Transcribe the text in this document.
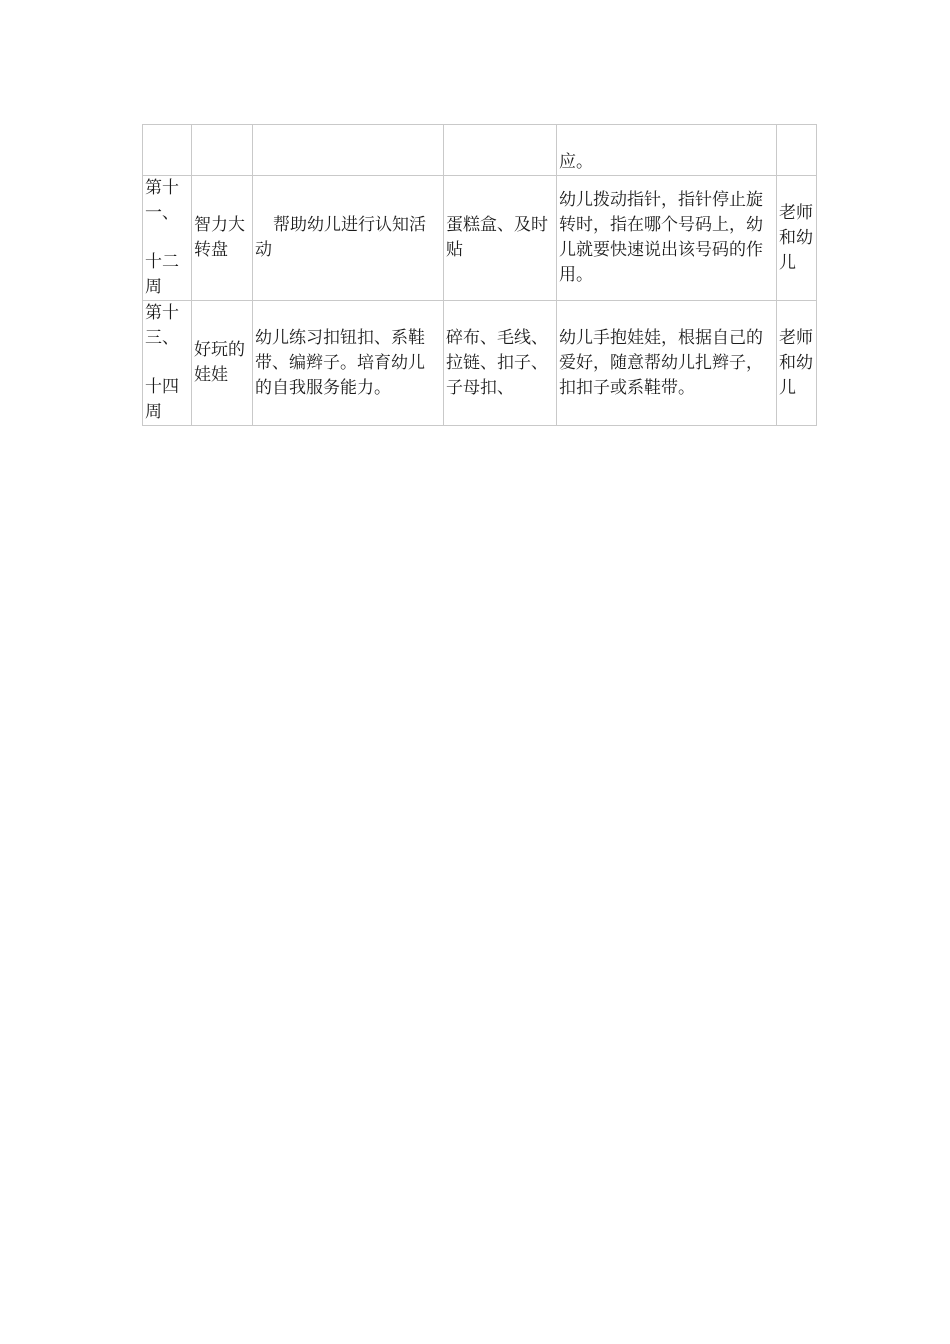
				应。	

第十一、
十二周	智力大转盘	帮助幼儿进行认知活动	蛋糕盒、及时贴	幼儿拨动指针，指针停止旋转时，指在哪个号码上，幼儿就要快速说出该号码的作用。	老师和幼儿

第十三、
十四周	好玩的娃娃	幼儿练习扣钮扣、系鞋带、编辫子。培育幼儿的自我服务能力。	碎布、毛线、拉链、扣子、子母扣、	幼儿手抱娃娃，根据自己的爱好，随意帮幼儿扎辫子，扣扣子或系鞋带。	老师和幼儿
